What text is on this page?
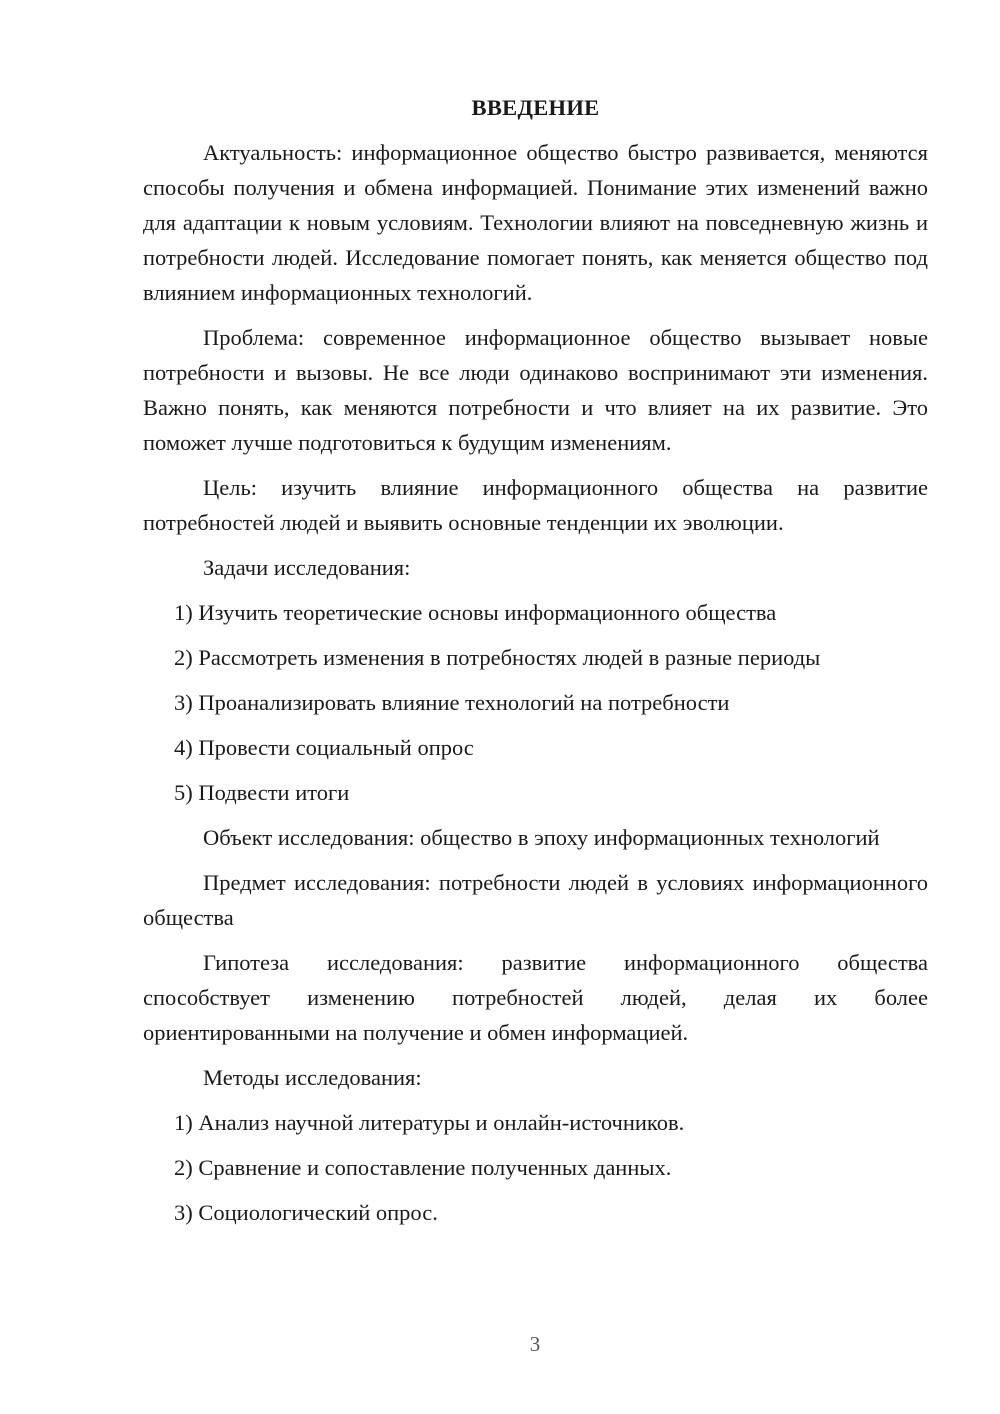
ВВЕДЕНИЕ

Актуальность: информационное общество быстро развивается, меняются способы получения и обмена информацией. Понимание этих изменений важно для адаптации к новым условиям. Технологии влияют на повседневную жизнь и потребности людей. Исследование помогает понять, как меняется общество под влиянием информационных технологий.

Проблема: современное информационное общество вызывает новые потребности и вызовы. Не все люди одинаково воспринимают эти изменения. Важно понять, как меняются потребности и что влияет на их развитие. Это поможет лучше подготовиться к будущим изменениям.

Цель: изучить влияние информационного общества на развитие потребностей людей и выявить основные тенденции их эволюции.

Задачи исследования:

1) Изучить теоретические основы информационного общества
2) Рассмотреть изменения в потребностях людей в разные периоды
3) Проанализировать влияние технологий на потребности
4) Провести социальный опрос
5) Подвести итоги

Объект исследования: общество в эпоху информационных технологий

Предмет исследования: потребности людей в условиях информационного общества

Гипотеза исследования: развитие информационного общества способствует изменению потребностей людей, делая их более ориентированными на получение и обмен информацией.

Методы исследования:

1) Анализ научной литературы и онлайн-источников.
2) Сравнение и сопоставление полученных данных.
3) Социологический опрос.
3
